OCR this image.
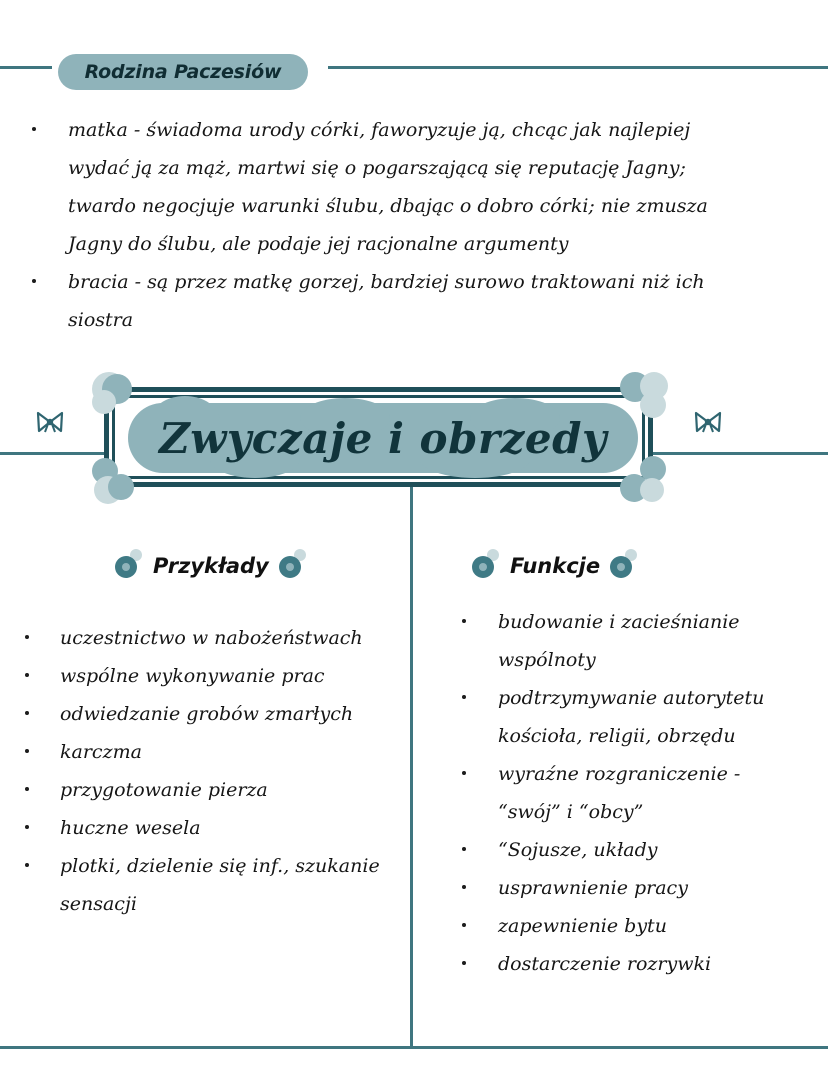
Rodzina Paczesiów
matka - świadoma urody córki, faworyzuje ją, chcąc jak najlepiej
wydać ją za mąż, martwi się o pogarszającą się reputację Jagny;
twardo negocjuje warunki ślubu, dbając o dobro córki; nie zmusza
Jagny do ślubu, ale podaje jej racjonalne argumenty
bracia - są przez matkę gorzej, bardziej surowo traktowani niż ich
siostra
Zwyczaje i obrzedy
Przykłady	Funkcje
uczestnictwo w nabożeństwach
wspólne wykonywanie prac
odwiedzanie grobów zmarłych
karczma
przygotowanie pierza
huczne wesela
plotki, dzielenie się inf., szukanie
sensacji
budowanie i zacieśnianie
wspólnoty
podtrzymywanie autorytetu
kościoła, religii, obrzędu
wyraźne rozgraniczenie -
“swój” i “obcy”
“Sojusze, układy
usprawnienie pracy
zapewnienie bytu
dostarczenie rozrywki
